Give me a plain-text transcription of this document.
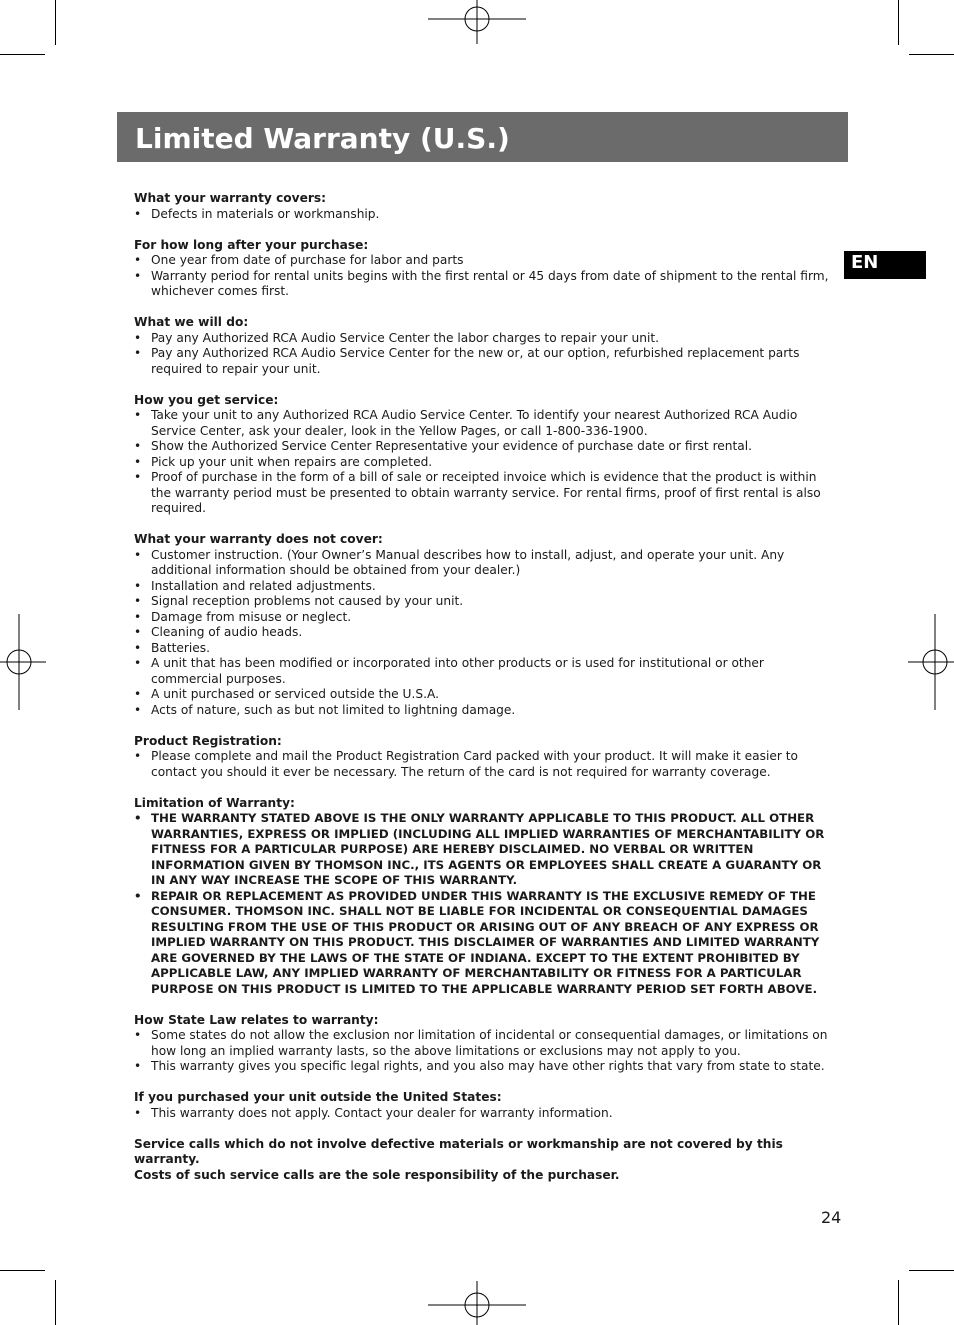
Limited Warranty (U.S.)
EN
What your warranty covers:
• Defects in materials or workmanship.
For how long after your purchase:
• One year from date of purchase for labor and parts
• Warranty period for rental units begins with the first rental or 45 days from date of shipment to the rental firm, whichever comes first.
What we will do:
• Pay any Authorized RCA Audio Service Center the labor charges to repair your unit.
• Pay any Authorized RCA Audio Service Center for the new or, at our option, refurbished replacement parts required to repair your unit.
How you get service:
• Take your unit to any Authorized RCA Audio Service Center. To identify your nearest Authorized RCA Audio Service Center, ask your dealer, look in the Yellow Pages, or call 1-800-336-1900.
• Show the Authorized Service Center Representative your evidence of purchase date or first rental.
• Pick up your unit when repairs are completed.
• Proof of purchase in the form of a bill of sale or receipted invoice which is evidence that the product is within the warranty period must be presented to obtain warranty service. For rental firms, proof of first rental is also required.
What your warranty does not cover:
• Customer instruction. (Your Owner’s Manual describes how to install, adjust, and operate your unit. Any additional information should be obtained from your dealer.)
• Installation and related adjustments.
• Signal reception problems not caused by your unit.
• Damage from misuse or neglect.
• Cleaning of audio heads.
• Batteries.
• A unit that has been modified or incorporated into other products or is used for institutional or other commercial purposes.
• A unit purchased or serviced outside the U.S.A.
• Acts of nature, such as but not limited to lightning damage.
Product Registration:
• Please complete and mail the Product Registration Card packed with your product. It will make it easier to contact you should it ever be necessary. The return of the card is not required for warranty coverage.
Limitation of Warranty:
• THE WARRANTY STATED ABOVE IS THE ONLY WARRANTY APPLICABLE TO THIS PRODUCT. ALL OTHER WARRANTIES, EXPRESS OR IMPLIED (INCLUDING ALL IMPLIED WARRANTIES OF MERCHANTABILITY OR FITNESS FOR A PARTICULAR PURPOSE) ARE HEREBY DISCLAIMED. NO VERBAL OR WRITTEN INFORMATION GIVEN BY THOMSON INC., ITS AGENTS OR EMPLOYEES SHALL CREATE A GUARANTY OR IN ANY WAY INCREASE THE SCOPE OF THIS WARRANTY.
• REPAIR OR REPLACEMENT AS PROVIDED UNDER THIS WARRANTY IS THE EXCLUSIVE REMEDY OF THE CONSUMER. THOMSON INC. SHALL NOT BE LIABLE FOR INCIDENTAL OR CONSEQUENTIAL DAMAGES RESULTING FROM THE USE OF THIS PRODUCT OR ARISING OUT OF ANY BREACH OF ANY EXPRESS OR IMPLIED WARRANTY ON THIS PRODUCT. THIS DISCLAIMER OF WARRANTIES AND LIMITED WARRANTY ARE GOVERNED BY THE LAWS OF THE STATE OF INDIANA. EXCEPT TO THE EXTENT PROHIBITED BY APPLICABLE LAW, ANY IMPLIED WARRANTY OF MERCHANTABILITY OR FITNESS FOR A PARTICULAR PURPOSE ON THIS PRODUCT IS LIMITED TO THE APPLICABLE WARRANTY PERIOD SET FORTH ABOVE.
How State Law relates to warranty:
• Some states do not allow the exclusion nor limitation of incidental or consequential damages, or limitations on how long an implied warranty lasts, so the above limitations or exclusions may not apply to you.
• This warranty gives you specific legal rights, and you also may have other rights that vary from state to state.
If you purchased your unit outside the United States:
• This warranty does not apply. Contact your dealer for warranty information.

Service calls which do not involve defective materials or workmanship are not covered by this warranty.

Costs of such service calls are the sole responsibility of the purchaser.

24
